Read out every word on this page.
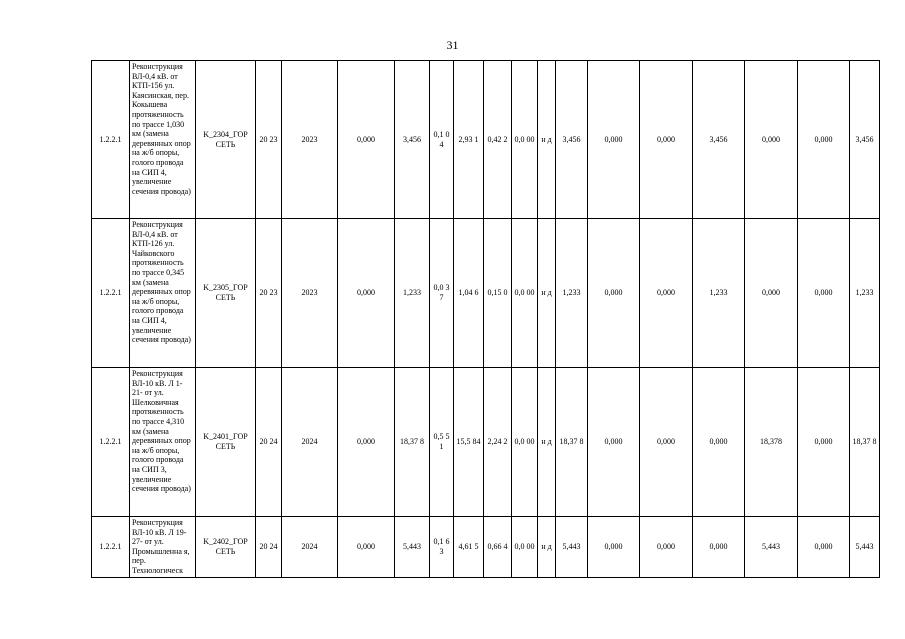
31
1.2.2.1	Реконструкция ВЛ-0,4 кВ. от КТП-156 ул. Каясинская, пер. Кокышева протяженность по трассе 1,030 км (замена деревянных опор на ж/б опоры, голого провода на СИП 4, увеличение сечения провода)	K_2304_ГОР СЕТЬ	20 23	2023	0,000	3,456	0,1 04	2,93 1	0,42 2	0,0 00	н д	3,456	0,000	0,000	3,456	0,000	0,000	3,456
1.2.2.1	Реконструкция ВЛ-0,4 кВ. от КТП-126 ул. Чайковского протяженность по трассе 0,345 км (замена деревянных опор на ж/б опоры, голого провода на СИП 4, увеличение сечения провода)	K_2305_ГОР СЕТЬ	20 23	2023	0,000	1,233	0,0 37	1,04 6	0,15 0	0,0 00	н д	1,233	0,000	0,000	1,233	0,000	0,000	1,233
1.2.2.1	Реконструкция ВЛ-10 кВ. Л 1-21- от ул. Шелковичная протяженность по трассе 4,310 км (замена деревянных опор на ж/б опоры, голого провода на СИП 3, увеличение сечения провода)	K_2401_ГОР СЕТЬ	20 24	2024	0,000	18,37 8	0,5 51	15,5 84	2,24 2	0,0 00	н д	18,37 8	0,000	0,000	0,000	18,378	0,000	18,37 8
1.2.2.1	Реконструкция ВЛ-10 кВ. Л 19-27- от ул. Промышленна я, пер. Технологическ	K_2402_ГОР СЕТЬ	20 24	2024	0,000	5,443	0,1 63	4,61 5	0,66 4	0,0 00	н д	5,443	0,000	0,000	0,000	5,443	0,000	5,443
